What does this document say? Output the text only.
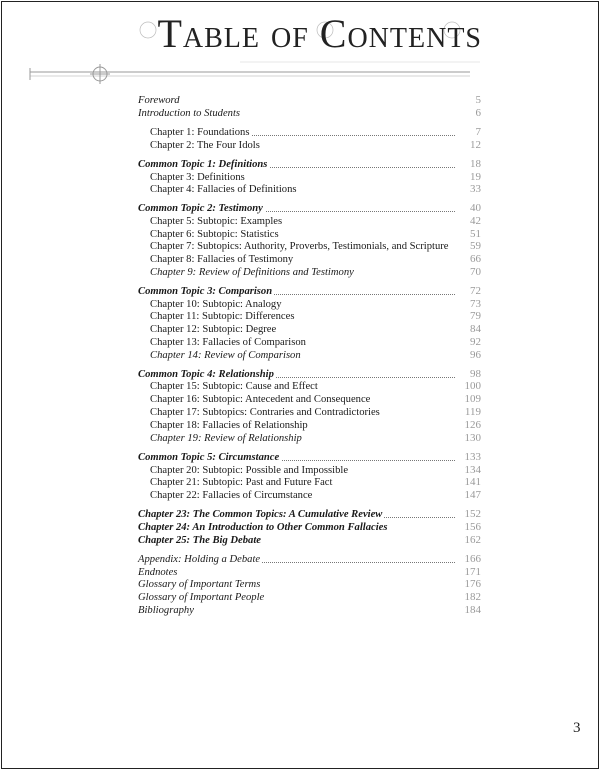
Table of Contents
Foreword	5
Introduction to Students	6
Chapter 1: Foundations	7
Chapter 2: The Four Idols	12
Common Topic 1: Definitions	18
Chapter 3: Definitions	19
Chapter 4: Fallacies of Definitions	33
Common Topic 2: Testimony	40
Chapter 5: Subtopic: Examples	42
Chapter 6: Subtopic: Statistics	51
Chapter 7: Subtopics: Authority, Proverbs, Testimonials, and Scripture	59
Chapter 8: Fallacies of Testimony	66
Chapter 9: Review of Definitions and Testimony	70
Common Topic 3: Comparison	72
Chapter 10: Subtopic: Analogy	73
Chapter 11: Subtopic: Differences	79
Chapter 12: Subtopic: Degree	84
Chapter 13: Fallacies of Comparison	92
Chapter 14: Review of Comparison	96
Common Topic 4: Relationship	98
Chapter 15: Subtopic: Cause and Effect	100
Chapter 16: Subtopic: Antecedent and Consequence	109
Chapter 17: Subtopics: Contraries and Contradictories	119
Chapter 18: Fallacies of Relationship	126
Chapter 19: Review of Relationship	130
Common Topic 5: Circumstance	133
Chapter 20: Subtopic: Possible and Impossible	134
Chapter 21: Subtopic: Past and Future Fact	141
Chapter 22: Fallacies of Circumstance	147
Chapter 23: The Common Topics: A Cumulative Review	152
Chapter 24: An Introduction to Other Common Fallacies	156
Chapter 25: The Big Debate	162
Appendix: Holding a Debate	166
Endnotes	171
Glossary of Important Terms	176
Glossary of Important People	182
Bibliography	184
3
